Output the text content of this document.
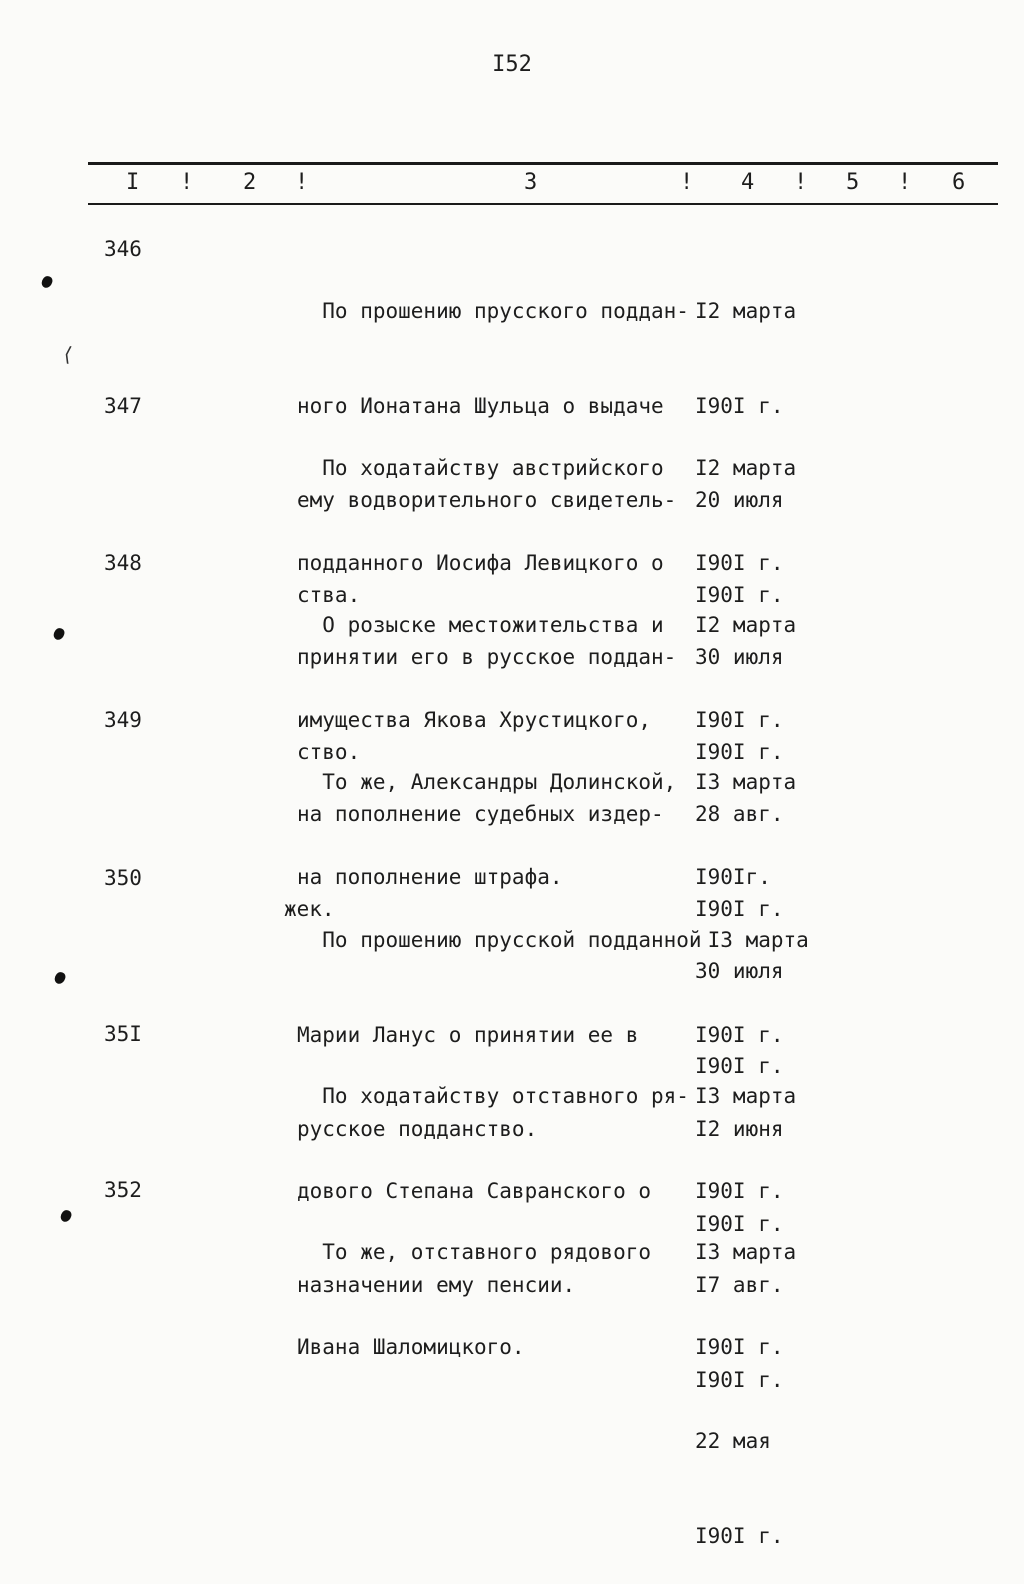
I52
I ! 2 !	3	! 4 ! 5 ! 6
346

По прошению прусского поддан-

ного Ионатана Шульца о выдаче

ему водворительного свидетель-

ства.

I2 марта

I90I г.

20 июля

I90I г.

347

По ходатайству австрийского

подданного Иосифа Левицкого о

принятии его в русское поддан-

ство.

I2 марта

I90I г.

30 июля

I90I г.

348

О розыске местожительства и

имущества Якова Хрустицкого,

на пополнение судебных издер-

жек.

I2 марта

I90I г.

28 авг.

I90I г.

349

То же, Александры Долинской,

на пополнение штрафа.

I3 марта

I90Iг.

30 июля

I90I г.

350

По прошению прусской подданной

Марии Ланус о принятии ее в

русское подданство.

I3 марта

I90I г.

I2 июня

I90I г.

35I

По ходатайству отставного ря-

дового Степана Савранского о

назначении ему пенсии.

I3 марта

I90I г.

I7 авг.

I90I г.

352

То же, отставного рядового

Ивана Шаломицкого.

I3 марта

I90I г.

22 мая

I90I г.

⟨
